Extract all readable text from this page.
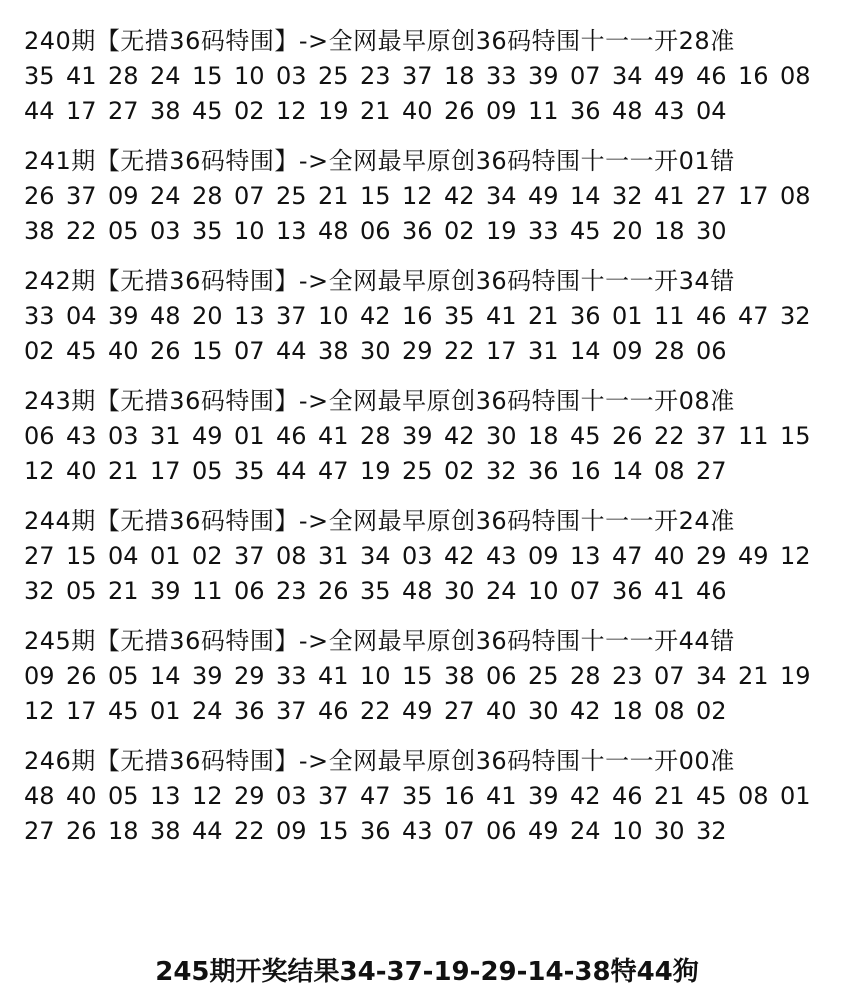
240期【无措36码特围】->全网最早原创36码特围十一一开28准
35 41 28 24 15 10 03 25 23 37 18 33 39 07 34 49 46 16 08
44 17 27 38 45 02 12 19 21 40 26 09 11 36 48 43 04
241期【无措36码特围】->全网最早原创36码特围十一一开01错
26 37 09 24 28 07 25 21 15 12 42 34 49 14 32 41 27 17 08
38 22 05 03 35 10 13 48 06 36 02 19 33 45 20 18 30
242期【无措36码特围】->全网最早原创36码特围十一一开34错
33 04 39 48 20 13 37 10 42 16 35 41 21 36 01 11 46 47 32
02 45 40 26 15 07 44 38 30 29 22 17 31 14 09 28 06
243期【无措36码特围】->全网最早原创36码特围十一一开08准
06 43 03 31 49 01 46 41 28 39 42 30 18 45 26 22 37 11 15
12 40 21 17 05 35 44 47 19 25 02 32 36 16 14 08 27
244期【无措36码特围】->全网最早原创36码特围十一一开24准
27 15 04 01 02 37 08 31 34 03 42 43 09 13 47 40 29 49 12
32 05 21 39 11 06 23 26 35 48 30 24 10 07 36 41 46
245期【无措36码特围】->全网最早原创36码特围十一一开44错
09 26 05 14 39 29 33 41 10 15 38 06 25 28 23 07 34 21 19
12 17 45 01 24 36 37 46 22 49 27 40 30 42 18 08 02
246期【无措36码特围】->全网最早原创36码特围十一一开00准
48 40 05 13 12 29 03 37 47 35 16 41 39 42 46 21 45 08 01
27 26 18 38 44 22 09 15 36 43 07 06 49 24 10 30 32
245期开奖结果34-37-19-29-14-38特44狗
